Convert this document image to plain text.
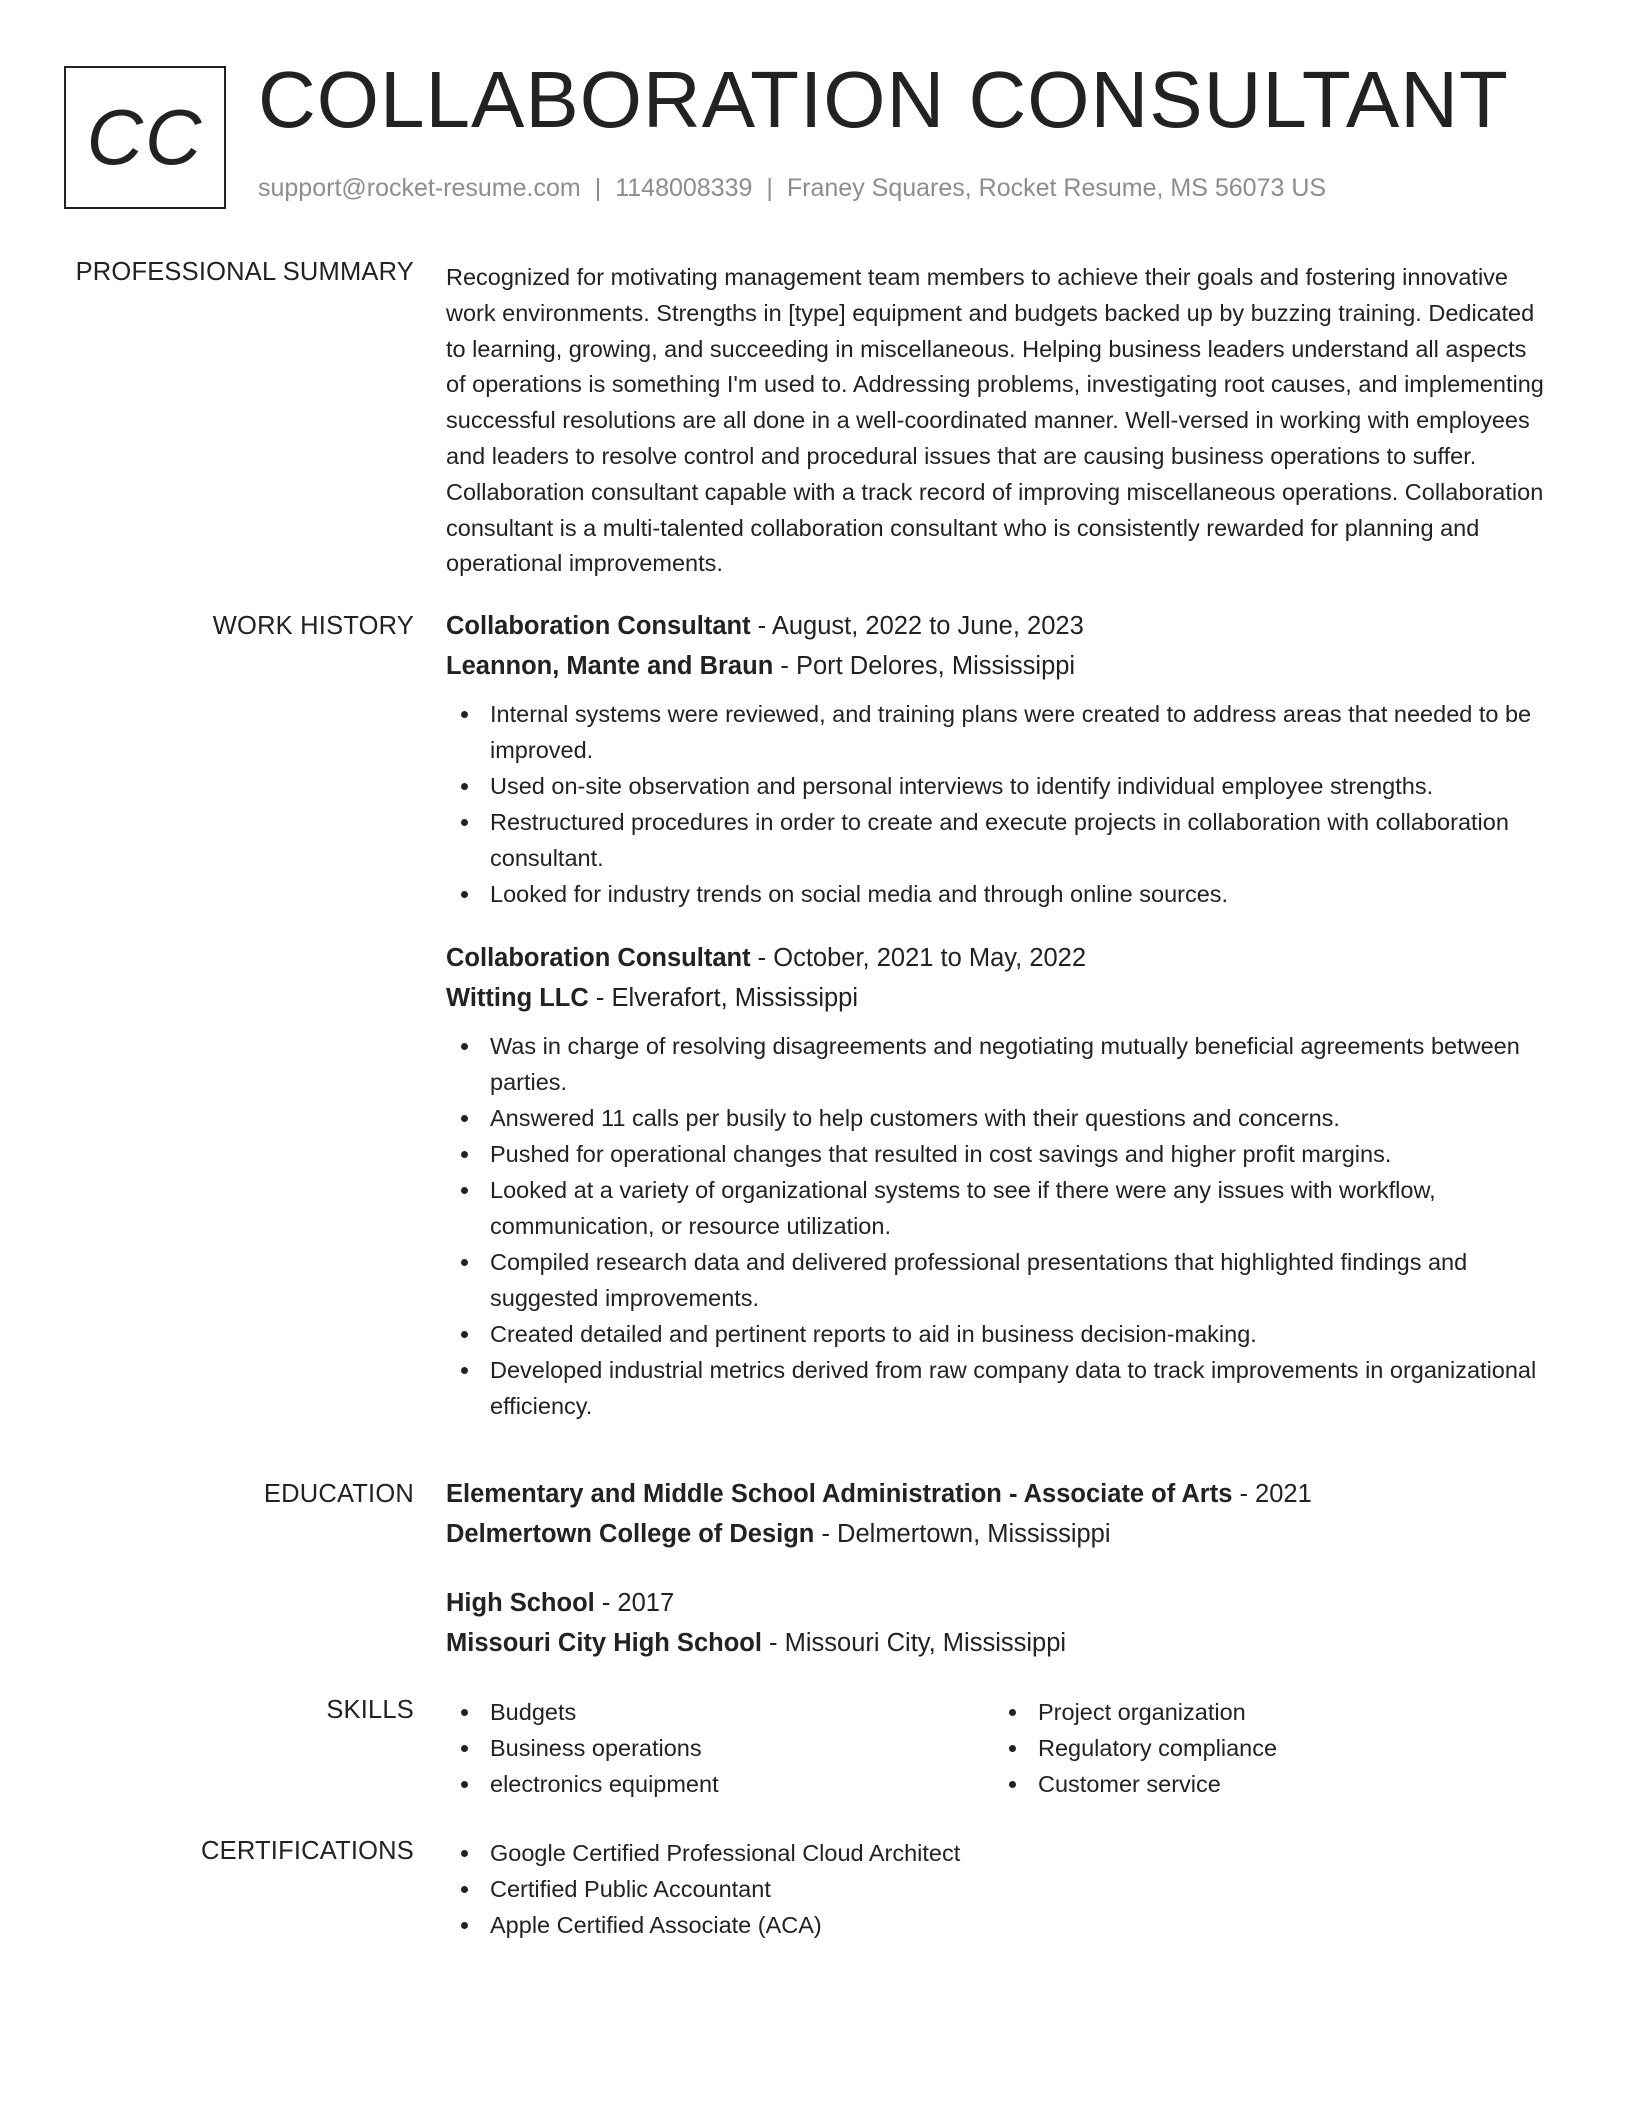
CC COLLABORATION CONSULTANT
support@rocket-resume.com | 1148008339 | Franey Squares, Rocket Resume, MS 56073 US
PROFESSIONAL SUMMARY Recognized for motivating management team members to achieve their goals and fostering innovative work environments. Strengths in [type] equipment and budgets backed up by buzzing training. Dedicated to learning, growing, and succeeding in miscellaneous. Helping business leaders understand all aspects of operations is something I'm used to. Addressing problems, investigating root causes, and implementing successful resolutions are all done in a well-coordinated manner. Well-versed in working with employees and leaders to resolve control and procedural issues that are causing business operations to suffer. Collaboration consultant capable with a track record of improving miscellaneous operations. Collaboration consultant is a multi-talented collaboration consultant who is consistently rewarded for planning and operational improvements.

WORK HISTORY Collaboration Consultant - August, 2022 to June, 2023
Leannon, Mante and Braun - Port Delores, Mississippi
Internal systems were reviewed, and training plans were created to address areas that needed to be improved.
Used on-site observation and personal interviews to identify individual employee strengths.
Restructured procedures in order to create and execute projects in collaboration with collaboration consultant.
Looked for industry trends on social media and through online sources.
Collaboration Consultant - October, 2021 to May, 2022
Witting LLC - Elverafort, Mississippi
Was in charge of resolving disagreements and negotiating mutually beneficial agreements between parties.
Answered 11 calls per busily to help customers with their questions and concerns.
Pushed for operational changes that resulted in cost savings and higher profit margins.
Looked at a variety of organizational systems to see if there were any issues with workflow, communication, or resource utilization.
Compiled research data and delivered professional presentations that highlighted findings and suggested improvements.
Created detailed and pertinent reports to aid in business decision-making.
Developed industrial metrics derived from raw company data to track improvements in organizational efficiency.
EDUCATION Elementary and Middle School Administration - Associate of Arts - 2021
Delmertown College of Design - Delmertown, Mississippi
High School - 2017
Missouri City High School - Missouri City, Mississippi
SKILLS	Budgets
Business operations
electronics equipment
Project organization
Regulatory compliance
Customer service
CERTIFICATIONS	Google Certified Professional Cloud Architect
Certified Public Accountant
Apple Certified Associate (ACA)
